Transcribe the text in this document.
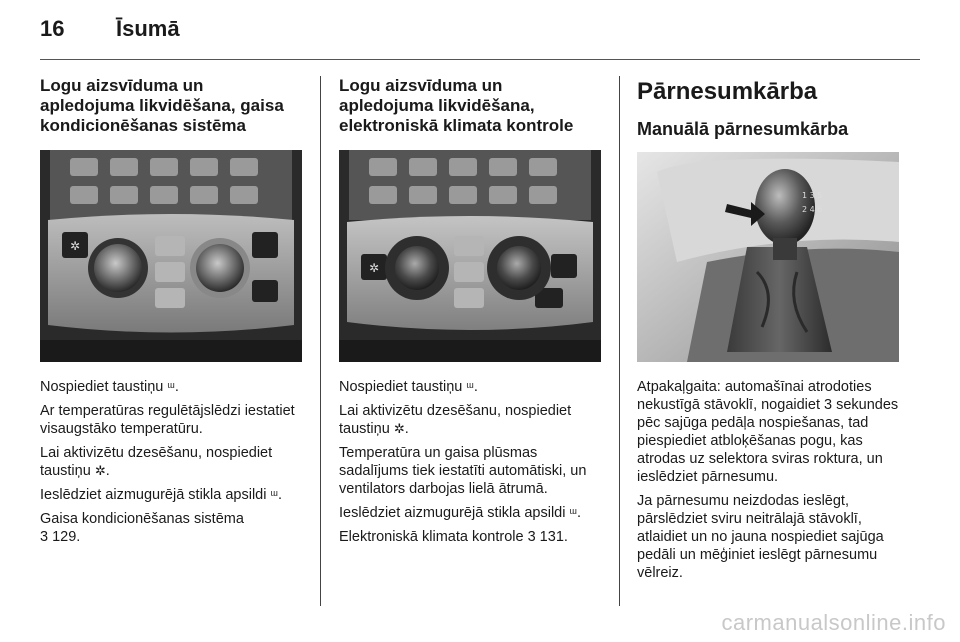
16 Īsumā
Logu aizsvīduma un apledojuma likvidēšana, gaisa kondicionēšanas sistēma
✲
Nospiediet taustiņu ᵚ.
Ar temperatūras regulētājslēdzi iestatiet visaugstāko temperatūru.
Lai aktivizētu dzesēšanu, nospiediet taustiņu ✲.
Ieslēdziet aizmugurējā stikla apsildi ᵚ.
Gaisa kondicionēšanas sistēma
3 129.
Logu aizsvīduma un apledojuma likvidēšana, elektroniskā klimata kontrole
✲
Nospiediet taustiņu ᵚ.
Lai aktivizētu dzesēšanu, nospiediet taustiņu ✲.
Temperatūra un gaisa plūsmas sadalījums tiek iestatīti automātiski, un ventilators darbojas lielā ātrumā.
Ieslēdziet aizmugurējā stikla apsildi ᵚ.
Elektroniskā klimata kontrole 3 131.
Pārnesumkārba
Manuālā pārnesumkārba
1 3 5
2 4 6
Atpakaļgaita: automašīnai atrodoties nekustīgā stāvoklī, nogaidiet 3 sekundes pēc sajūga pedāļa nospiešanas, tad piespiediet atbloķēšanas pogu, kas atrodas uz selektora sviras roktura, un ieslēdziet pārnesumu.
Ja pārnesumu neizdodas ieslēgt, pārslēdziet sviru neitrālajā stāvoklī, atlaidiet un no jauna nospiediet sajūga pedāli un mēģiniet ieslēgt pārnesumu vēlreiz.
carmanualsonline.info
